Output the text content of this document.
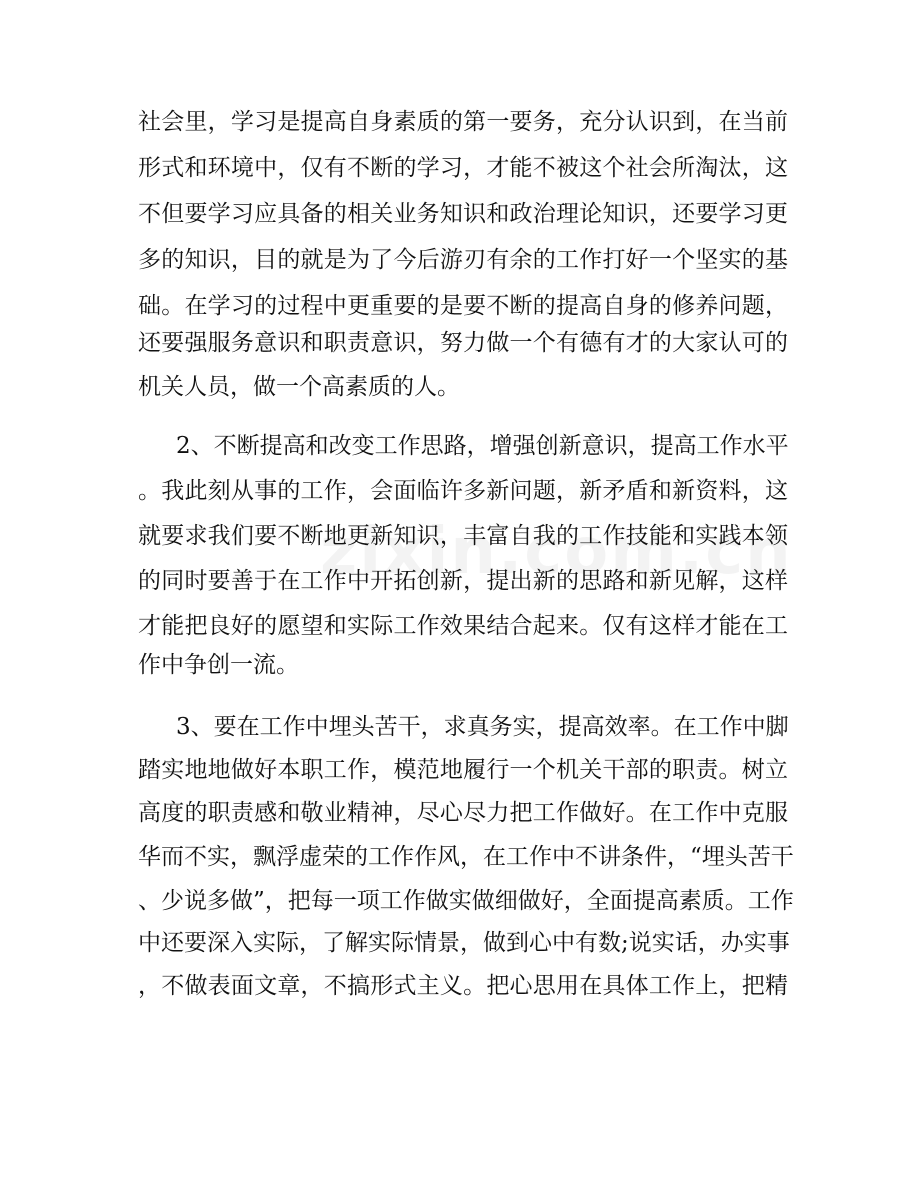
社会里，学习是提高自身素质的第一要务，充分认识到，在当前
形式和环境中，仅有不断的学习，才能不被这个社会所淘汰，这
不但要学习应具备的相关业务知识和政治理论知识，还要学习更
多的知识，目的就是为了今后游刃有余的工作打好一个坚实的基
础。在学习的过程中更重要的是要不断的提高自身的修养问题，
还要强服务意识和职责意识，努力做一个有德有才的大家认可的
机关人员，做一个高素质的人。
2、不断提高和改变工作思路，增强创新意识，提高工作水平
。我此刻从事的工作，会面临许多新问题，新矛盾和新资料，这
就要求我们要不断地更新知识，丰富自我的工作技能和实践本领
的同时要善于在工作中开拓创新，提出新的思路和新见解，这样
才能把良好的愿望和实际工作效果结合起来。仅有这样才能在工
作中争创一流。
3、要在工作中埋头苦干，求真务实，提高效率。在工作中脚
踏实地地做好本职工作，模范地履行一个机关干部的职责。树立
高度的职责感和敬业精神，尽心尽力把工作做好。在工作中克服
华而不实，飘浮虚荣的工作作风，在工作中不讲条件，“埋头苦干
、少说多做”，把每一项工作做实做细做好，全面提高素质。工作
中还要深入实际，了解实际情景，做到心中有数;说实话，办实事
，不做表面文章，不搞形式主义。把心思用在具体工作上，把精
